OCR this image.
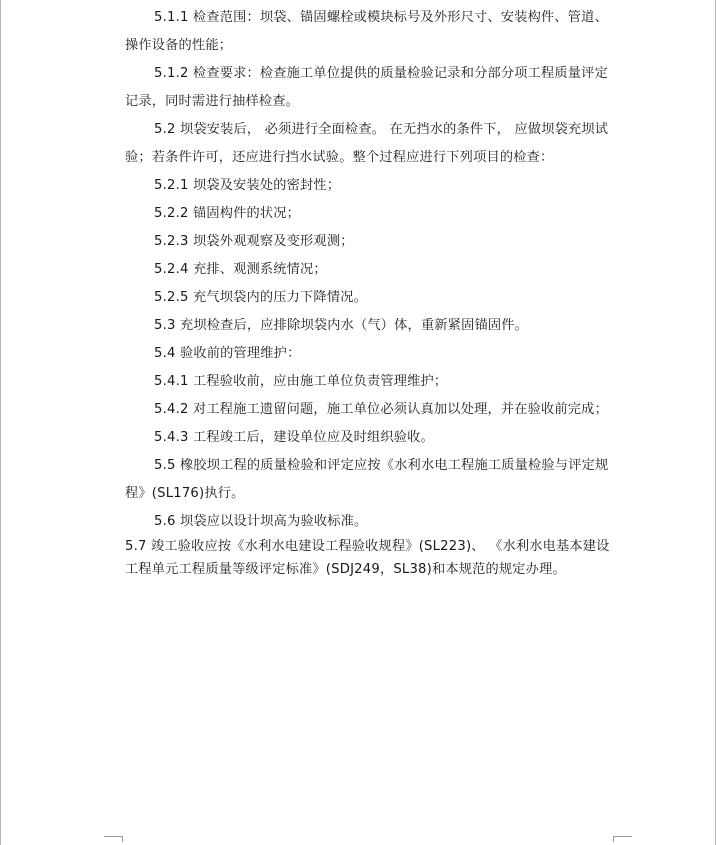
5.1.1 检查范围：坝袋、锚固螺栓或模块标号及外形尺寸、安装构件、管道、
操作设备的性能；

5.1.2 检查要求：检查施工单位提供的质量检验记录和分部分项工程质量评定
记录，同时需进行抽样检查。

5.2 坝袋安装后， 必须进行全面检查。 在无挡水的条件下， 应做坝袋充坝试
验；若条件许可，还应进行挡水试验。整个过程应进行下列项目的检查：

5.2.1 坝袋及安装处的密封性；

5.2.2 锚固构件的状况；

5.2.3 坝袋外观观察及变形观测；

5.2.4 充排、观测系统情况；

5.2.5 充气坝袋内的压力下降情况。

5.3 充坝检查后，应排除坝袋内水（气）体，重新紧固锚固件。

5.4 验收前的管理维护：

5.4.1 工程验收前，应由施工单位负责管理维护；

5.4.2 对工程施工遗留问题，施工单位必须认真加以处理，并在验收前完成；

5.4.3 工程竣工后，建设单位应及时组织验收。

5.5 橡胶坝工程的质量检验和评定应按《水利水电工程施工质量检验与评定规
程》(SL176)执行。

5.6 坝袋应以设计坝高为验收标准。

5.7 竣工验收应按《水利水电建设工程验收规程》(SL223)、 《水利水电基本建设
工程单元工程质量等级评定标准》(SDJ249，SL38)和本规范的规定办理。
